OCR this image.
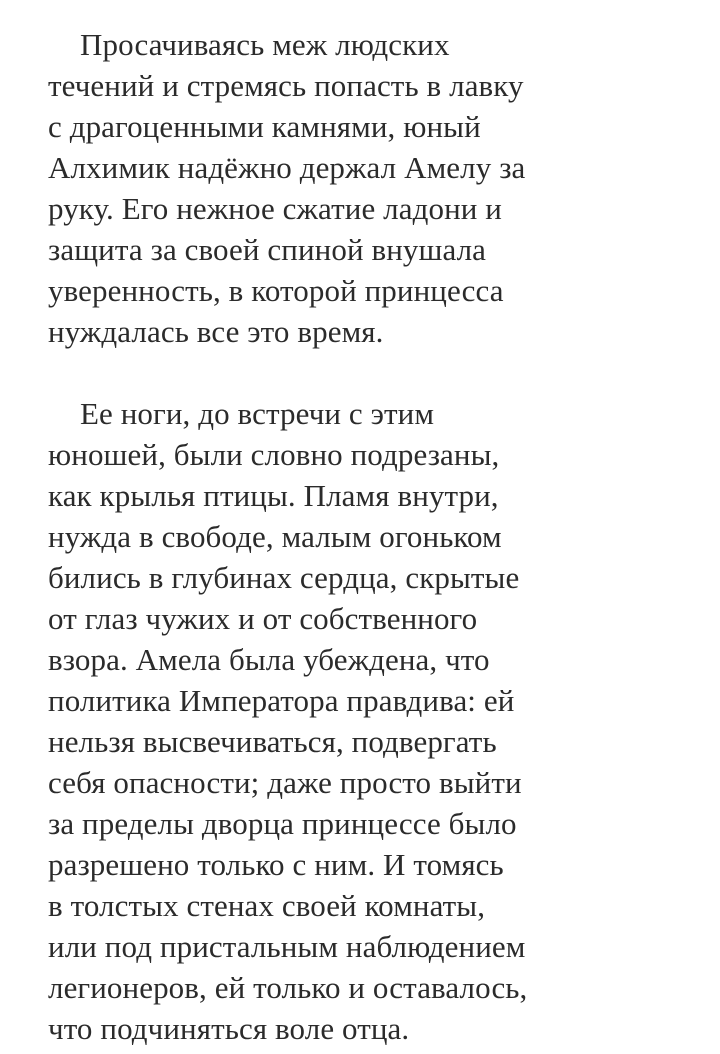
Просачиваясь меж людских
течений и стремясь попасть в лавку
с драгоценными камнями, юный
Алхимик надёжно держал Амелу за
руку. Его нежное сжатие ладони и
защита за своей спиной внушала
уверенность, в которой принцесса
нуждалась все это время.

Ее ноги, до встречи с этим
юношей, были словно подрезаны,
как крылья птицы. Пламя внутри,
нужда в свободе, малым огоньком
бились в глубинах сердца, скрытые
от глаз чужих и от собственного
взора. Амела была убеждена, что
политика Императора правдива: ей
нельзя высвечиваться, подвергать
себя опасности; даже просто выйти
за пределы дворца принцессе было
разрешено только с ним. И томясь
в толстых стенах своей комнаты,
или под пристальным наблюдением
легионеров, ей только и оставалось,
что подчиняться воле отца.
